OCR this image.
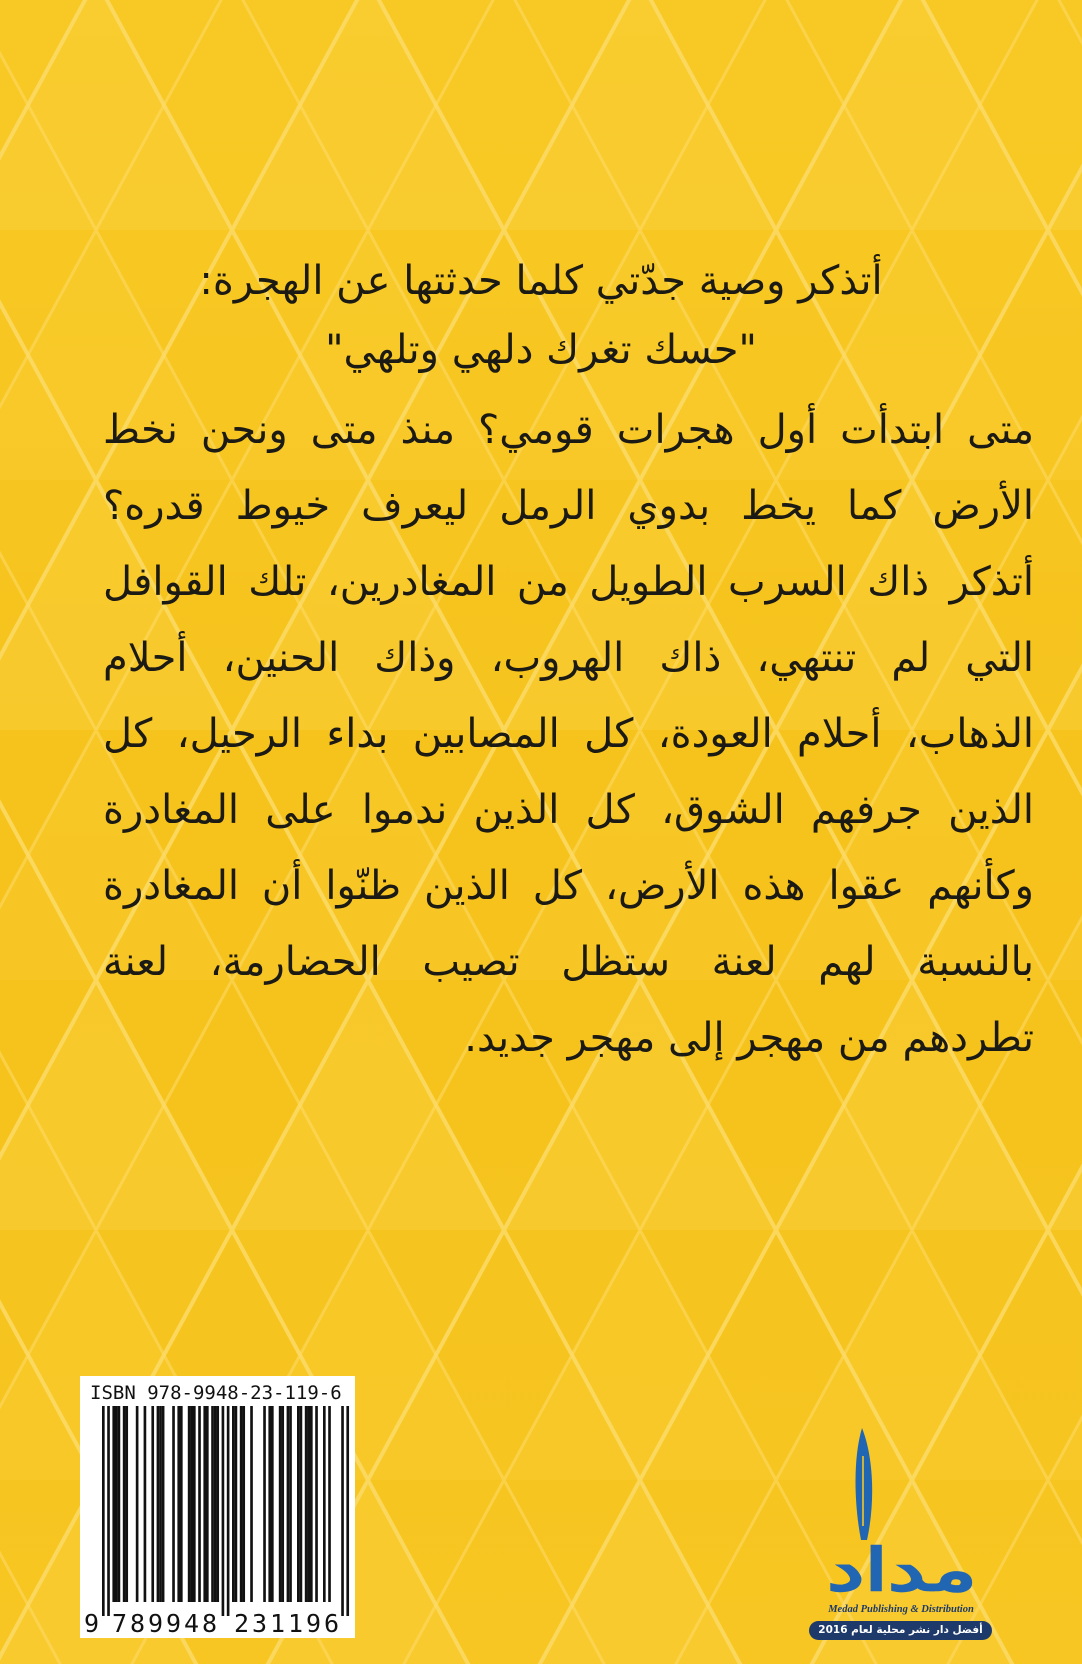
أتذكر وصية جدّتي كلما حدثتها عن الهجرة:
"حسك تغرك دلهي وتلهي"
متى ابتدأت أول هجرات قومي؟ منذ متى ونحن نخط
الأرض كما يخط بدوي الرمل ليعرف خيوط قدره؟
أتذكر ذاك السرب الطويل من المغادرين، تلك القوافل
التي لم تنتهي، ذاك الهروب، وذاك الحنين، أحلام
الذهاب، أحلام العودة، كل المصابين بداء الرحيل، كل
الذين جرفهم الشوق، كل الذين ندموا على المغادرة
وكأنهم عقوا هذه الأرض، كل الذين ظنّوا أن المغادرة
بالنسبة لهم لعنة ستظل تصيب الحضارمة، لعنة
تطردهم من مهجر إلى مهجر جديد.
ISBN 978-9948-23-119-6
9 789948 231196
مداد
Medad Publishing & Distribution
أفضل دار نشر محلية لعام 2016
